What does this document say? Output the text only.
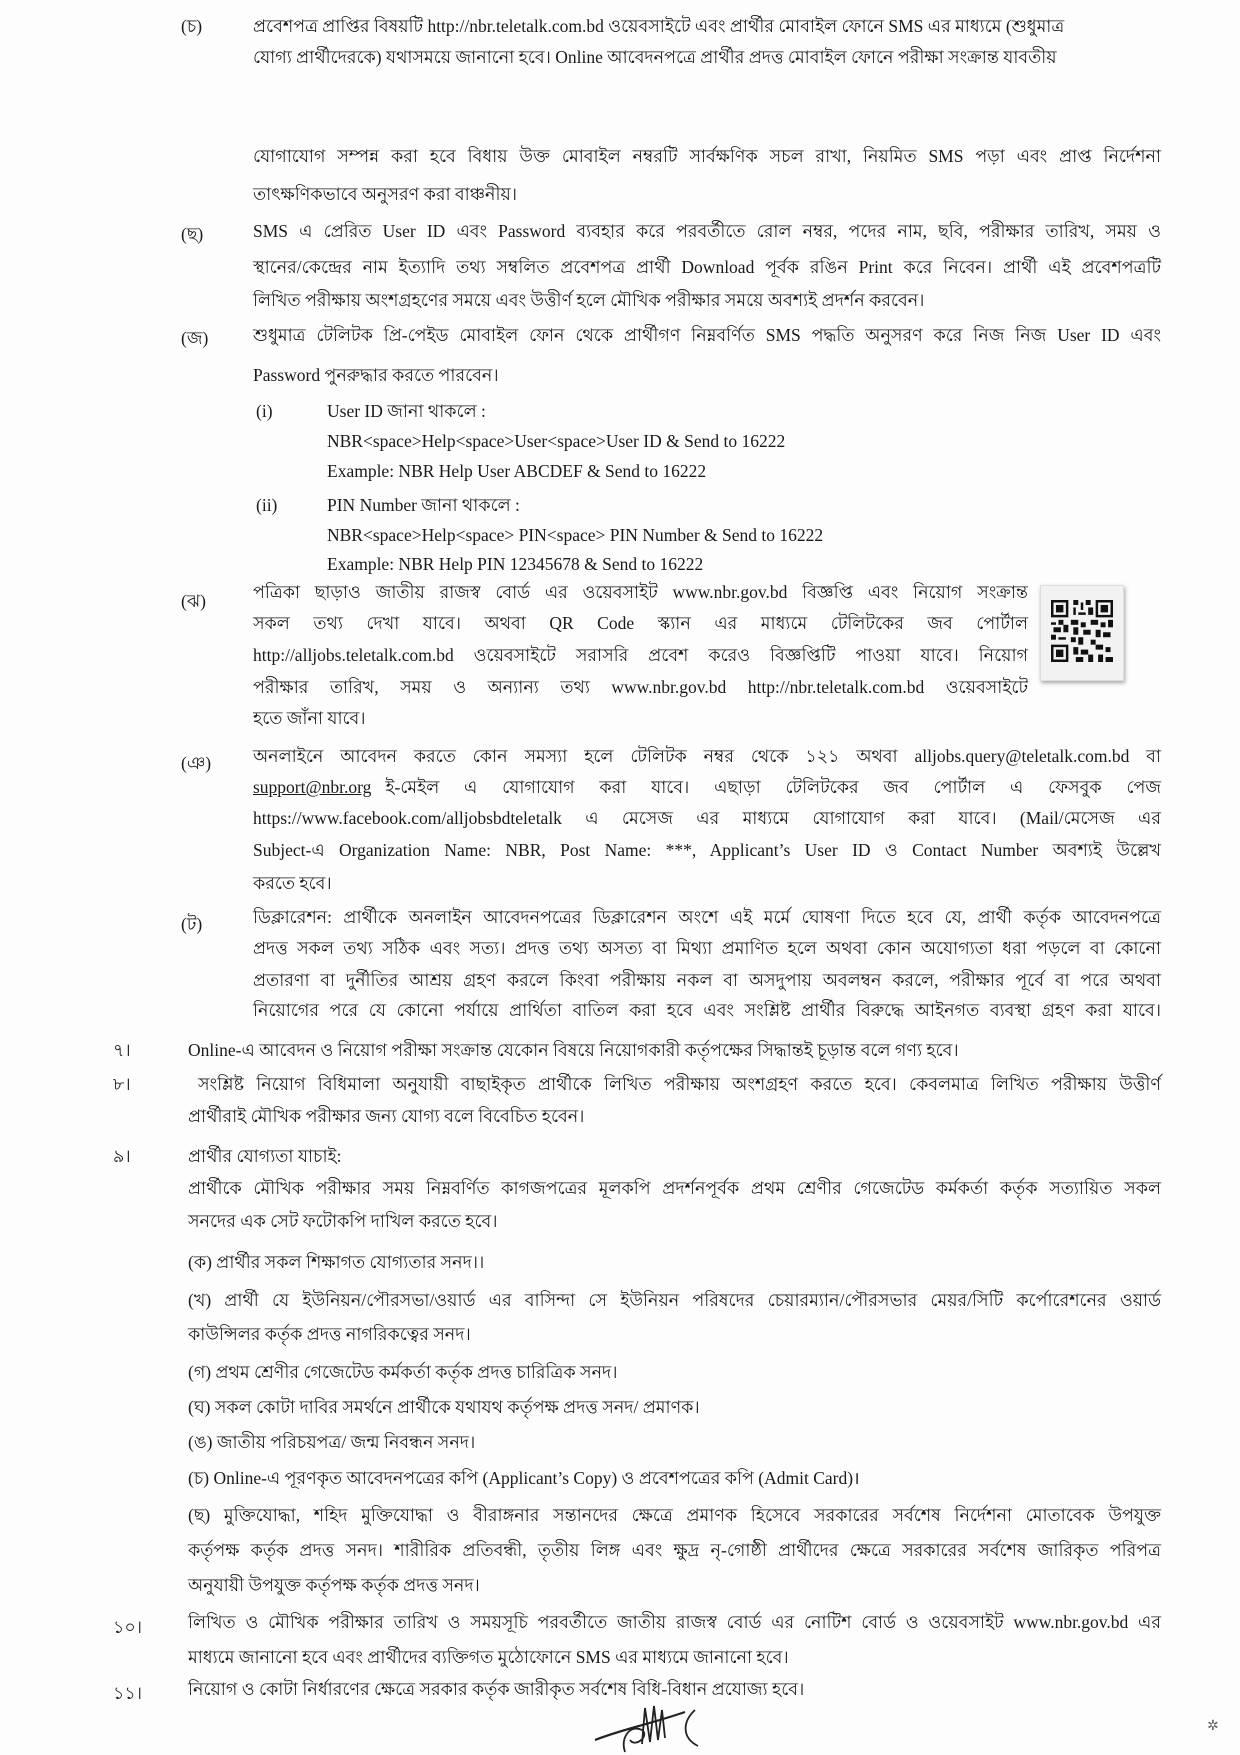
(চ)	প্রবেশপত্র প্রাপ্তির বিষয়টি http://nbr.teletalk.com.bd ওয়েবসাইটে এবং প্রার্থীর মোবাইল ফোনে SMS এর মাধ্যমে (শুধুমাত্র
যোগ্য প্রার্থীদেরকে) যথাসময়ে জানানো হবে। Online আবেদনপত্রে প্রার্থীর প্রদত্ত মোবাইল ফোনে পরীক্ষা সংক্রান্ত যাবতীয়
যোগাযোগ সম্পন্ন করা হবে বিধায় উক্ত মোবাইল নম্বরটি সার্বক্ষণিক সচল রাখা, নিয়মিত SMS পড়া এবং প্রাপ্ত নির্দেশনা
তাৎক্ষণিকভাবে অনুসরণ করা বাঞ্চনীয়।
(ছ)	SMS এ প্রেরিত User ID এবং Password ব্যবহার করে পরবর্তীতে রোল নম্বর, পদের নাম, ছবি, পরীক্ষার তারিখ, সময় ও
স্থানের/কেন্দ্রের নাম ইত্যাদি তথ্য সম্বলিত প্রবেশপত্র প্রার্থী Download পূর্বক রঙিন Print করে নিবেন। প্রার্থী এই প্রবেশপত্রটি
লিখিত পরীক্ষায় অংশগ্রহণের সময়ে এবং উত্তীর্ণ হলে মৌখিক পরীক্ষার সময়ে অবশ্যই প্রদর্শন করবেন।
(জ)	শুধুমাত্র টেলিটক প্রি-পেইড মোবাইল ফোন থেকে প্রার্থীগণ নিম্নবর্ণিত SMS পদ্ধতি অনুসরণ করে নিজ নিজ User ID এবং
Password পুনরুদ্ধার করতে পারবেন।
(i)	User ID জানা থাকলে :
NBR<space>Help<space>User<space>User ID & Send to 16222
Example: NBR Help User ABCDEF & Send to 16222
(ii)	PIN Number জানা থাকলে :
NBR<space>Help<space> PIN<space> PIN Number & Send to 16222
Example: NBR Help PIN 12345678 & Send to 16222
(ঝ)	পত্রিকা ছাড়াও জাতীয় রাজস্ব বোর্ড এর ওয়েবসাইট www.nbr.gov.bd বিজ্ঞপ্তি এবং নিয়োগ সংক্রান্ত
সকল তথ্য দেখা যাবে। অথবা QR Code স্ক্যান এর মাধ্যমে টেলিটকের জব পোর্টাল
http://alljobs.teletalk.com.bd ওয়েবসাইটে সরাসরি প্রবেশ করেও বিজ্ঞপ্তিটি পাওয়া যাবে। নিয়োগ
পরীক্ষার তারিখ, সময় ও অন্যান্য তথ্য www.nbr.gov.bd http://nbr.teletalk.com.bd ওয়েবসাইটে
হতে জাঁনা যাবে।
(ঞ) অনলাইনে আবেদন করতে কোন সমস্যা হলে টেলিটক নম্বর থেকে ১২১ অথবা alljobs.query@teletalk.com.bd বা
support@nbr.org ই-মেইল এ যোগাযোগ করা যাবে। এছাড়া টেলিটকের জব পোর্টাল এ ফেসবুক পেজ
https://www.facebook.com/alljobsbdteletalk এ মেসেজ এর মাধ্যমে যোগাযোগ করা যাবে। (Mail/মেসেজ এর
Subject-এ Organization Name: NBR, Post Name: ***, Applicant’s User ID ও Contact Number অবশ্যই উল্লেখ
করতে হবে।
(ট)	ডিক্লারেশন: প্রার্থীকে অনলাইন আবেদনপত্রের ডিক্লারেশন অংশে এই মর্মে ঘোষণা দিতে হবে যে, প্রার্থী কর্তৃক আবেদনপত্রে
প্রদত্ত সকল তথ্য সঠিক এবং সত্য। প্রদত্ত তথ্য অসত্য বা মিথ্যা প্রমাণিত হলে অথবা কোন অযোগ্যতা ধরা পড়লে বা কোনো
প্রতারণা বা দুর্নীতির আশ্রয় গ্রহণ করলে কিংবা পরীক্ষায় নকল বা অসদুপায় অবলম্বন করলে, পরীক্ষার পূর্বে বা পরে অথবা
নিয়োগের পরে যে কোনো পর্যায়ে প্রার্থিতা বাতিল করা হবে এবং সংশ্লিষ্ট প্রার্থীর বিরুদ্ধে আইনগত ব্যবস্থা গ্রহণ করা যাবে।
৭।	Online-এ আবেদন ও নিয়োগ পরীক্ষা সংক্রান্ত যেকোন বিষয়ে নিয়োগকারী কর্তৃপক্ষের সিদ্ধান্তই চূড়ান্ত বলে গণ্য হবে।
৮।	সংশ্লিষ্ট নিয়োগ বিধিমালা অনুযায়ী বাছাইকৃত প্রার্থীকে লিখিত পরীক্ষায় অংশগ্রহণ করতে হবে। কেবলমাত্র লিখিত পরীক্ষায় উত্তীর্ণ
প্রার্থীরাই মৌখিক পরীক্ষার জন্য যোগ্য বলে বিবেচিত হবেন।
৯।	প্রার্থীর যোগ্যতা যাচাই:
প্রার্থীকে মৌখিক পরীক্ষার সময় নিম্নবর্ণিত কাগজপত্রের মূলকপি প্রদর্শনপূর্বক প্রথম শ্রেণীর গেজেটেড কর্মকর্তা কর্তৃক সত্যায়িত সকল
সনদের এক সেট ফটোকপি দাখিল করতে হবে।
(ক) প্রার্থীর সকল শিক্ষাগত যোগ্যতার সনদ।।
(খ) প্রার্থী যে ইউনিয়ন/পৌরসভা/ওয়ার্ড এর বাসিন্দা সে ইউনিয়ন পরিষদের চেয়ারম্যান/পৌরসভার মেয়র/সিটি কর্পোরেশনের ওয়ার্ড
কাউন্সিলর কর্তৃক প্রদত্ত নাগরিকত্বের সনদ।
(গ) প্রথম শ্রেণীর গেজেটেড কর্মকর্তা কর্তৃক প্রদত্ত চারিত্রিক সনদ।
(ঘ) সকল কোটা দাবির সমর্থনে প্রার্থীকে যথাযথ কর্তৃপক্ষ প্রদত্ত সনদ/ প্রমাণক।
(ঙ) জাতীয় পরিচয়পত্র/ জন্ম নিবন্ধন সনদ।
(চ) Online-এ পূরণকৃত আবেদনপত্রের কপি (Applicant’s Copy) ও প্রবেশপত্রের কপি (Admit Card)।
(ছ) মুক্তিযোদ্ধা, শহিদ মুক্তিযোদ্ধা ও বীরাঙ্গনার সন্তানদের ক্ষেত্রে প্রমাণক হিসেবে সরকারের সর্বশেষ নির্দেশনা মোতাবেক উপযুক্ত
কর্তৃপক্ষ কর্তৃক প্রদত্ত সনদ। শারীরিক প্রতিবন্ধী, তৃতীয় লিঙ্গ এবং ক্ষুদ্র নৃ-গোষ্ঠী প্রার্থীদের ক্ষেত্রে সরকারের সর্বশেষ জারিকৃত পরিপত্র
অনুযায়ী উপযুক্ত কর্তৃপক্ষ কর্তৃক প্রদত্ত সনদ।
১০।	লিখিত ও মৌখিক পরীক্ষার তারিখ ও সময়সূচি পরবর্তীতে জাতীয় রাজস্ব বোর্ড এর নোটিশ বোর্ড ও ওয়েবসাইট www.nbr.gov.bd এর
মাধ্যমে জানানো হবে এবং প্রার্থীদের ব্যক্তিগত মুঠোফোনে SMS এর মাধ্যমে জানানো হবে।
১১।	নিয়োগ ও কোটা নির্ধারণের ক্ষেত্রে সরকার কর্তৃক জারীকৃত সর্বশেষ বিধি-বিধান প্রযোজ্য হবে।
✲
